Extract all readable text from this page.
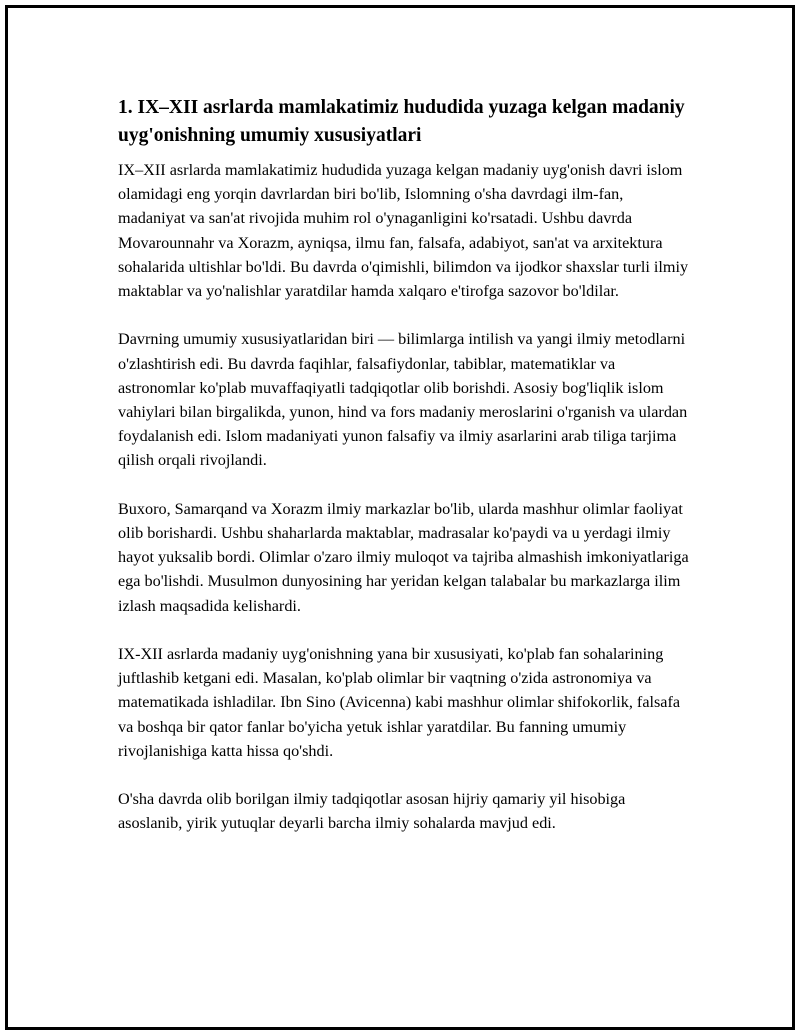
1. IX–XII asrlarda mamlakatimiz hududida yuzaga kelgan madaniy uyg'onishning umumiy xususiyatlari

IX–XII asrlarda mamlakatimiz hududida yuzaga kelgan madaniy uyg'onish davri islom olamidagi eng yorqin davrlardan biri bo'lib, Islomning o'sha davrdagi ilm-fan, madaniyat va san'at rivojida muhim rol o'ynaganligini ko'rsatadi. Ushbu davrda Movarounnahr va Xorazm, ayniqsa, ilmu fan, falsafa, adabiyot, san'at va arxitektura sohalarida ultishlar bo'ldi. Bu davrda o'qimishli, bilimdon va ijodkor shaxslar turli ilmiy maktablar va yo'nalishlar yaratdilar hamda xalqaro e'tirofga sazovor bo'ldilar.

Davrning umumiy xususiyatlaridan biri — bilimlarga intilish va yangi ilmiy metodlarni o'zlashtirish edi. Bu davrda faqihlar, falsafiydonlar, tabiblar, matematiklar va astronomlar ko'plab muvaffaqiyatli tadqiqotlar olib borishdi. Asosiy bog'liqlik islom vahiylari bilan birgalikda, yunon, hind va fors madaniy meroslarini o'rganish va ulardan foydalanish edi. Islom madaniyati yunon falsafiy va ilmiy asarlarini arab tiliga tarjima qilish orqali rivojlandi.

Buxoro, Samarqand va Xorazm ilmiy markazlar bo'lib, ularda mashhur olimlar faoliyat olib borishardi. Ushbu shaharlarda maktablar, madrasalar ko'paydi va u yerdagi ilmiy hayot yuksalib bordi. Olimlar o'zaro ilmiy muloqot va tajriba almashish imkoniyatlariga ega bo'lishdi. Musulmon dunyosining har yeridan kelgan talabalar bu markazlarga ilim izlash maqsadida kelishardi.

IX-XII asrlarda madaniy uyg'onishning yana bir xususiyati, ko'plab fan sohalarining juftlashib ketgani edi. Masalan, ko'plab olimlar bir vaqtning o'zida astronomiya va matematikada ishladilar. Ibn Sino (Avicenna) kabi mashhur olimlar shifokorlik, falsafa va boshqa bir qator fanlar bo'yicha yetuk ishlar yaratdilar. Bu fanning umumiy rivojlanishiga katta hissa qo'shdi.

O'sha davrda olib borilgan ilmiy tadqiqotlar asosan hijriy qamariy yil hisobiga asoslanib, yirik yutuqlar deyarli barcha ilmiy sohalarda mavjud edi.
